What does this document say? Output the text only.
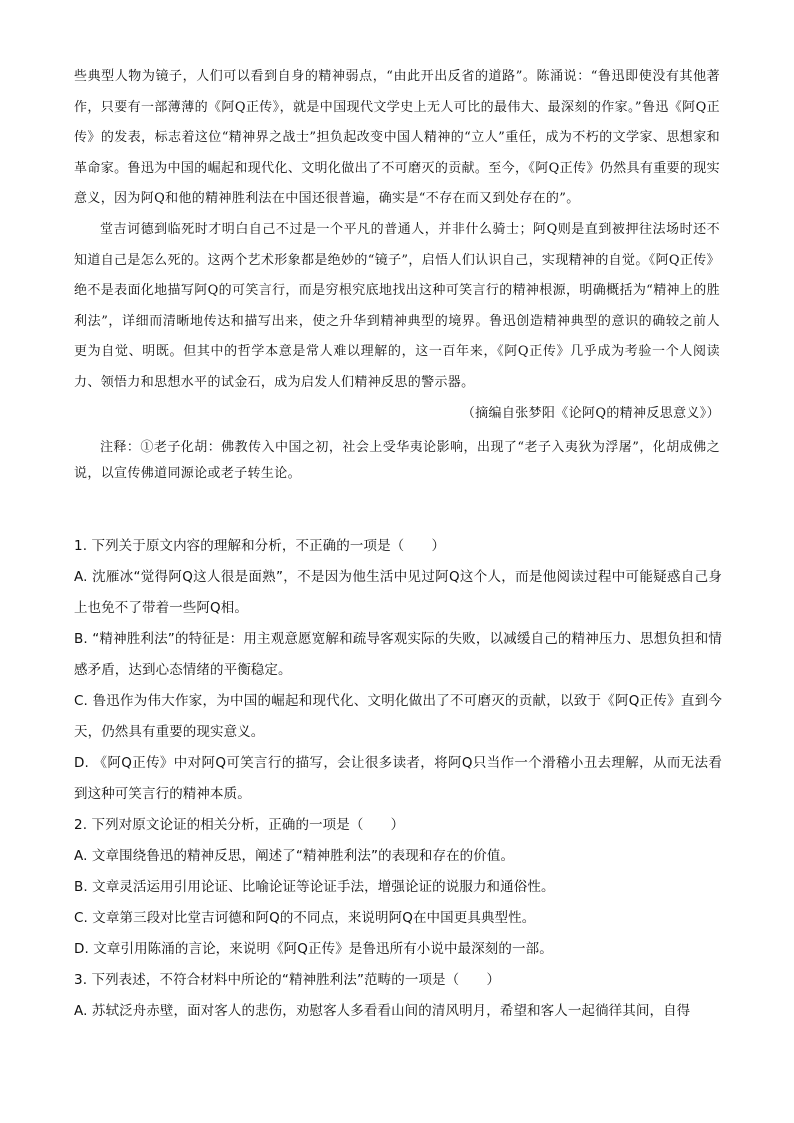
些典型人物为镜子，人们可以看到自身的精神弱点，“由此开出反省的道路”。陈涌说：“鲁迅即使没有其他著作，只要有一部薄薄的《阿Q正传》，就是中国现代文学史上无人可比的最伟大、最深刻的作家。”鲁迅《阿Q正传》的发表，标志着这位“精神界之战士”担负起改变中国人精神的“立人”重任，成为不朽的文学家、思想家和革命家。鲁迅为中国的崛起和现代化、文明化做出了不可磨灭的贡献。至今，《阿Q正传》仍然具有重要的现实意义，因为阿Q和他的精神胜利法在中国还很普遍，确实是“不存在而又到处存在的”。

堂吉诃德到临死时才明白自己不过是一个平凡的普通人，并非什么骑士；阿Q则是直到被押往法场时还不知道自己是怎么死的。这两个艺术形象都是绝妙的“镜子”，启悟人们认识自己，实现精神的自觉。《阿Q正传》绝不是表面化地描写阿Q的可笑言行，而是穷根究底地找出这种可笑言行的精神根源，明确概括为“精神上的胜利法”，详细而清晰地传达和描写出来，使之升华到精神典型的境界。鲁迅创造精神典型的意识的确较之前人更为自觉、明既。但其中的哲学本意是常人难以理解的，这一百年来，《阿Q正传》几乎成为考验一个人阅读力、领悟力和思想水平的试金石，成为启发人们精神反思的警示器。

（摘编自张梦阳《论阿Q的精神反思意义》）

注释：①老子化胡：佛教传入中国之初，社会上受华夷论影响，出现了“老子入夷狄为浮屠”，化胡成佛之说，以宣传佛道同源论或老子转生论。

1. 下列关于原文内容的理解和分析，不正确的一项是（　　）

A. 沈雁冰“觉得阿Q这人很是面熟”，不是因为他生活中见过阿Q这个人，而是他阅读过程中可能疑惑自己身上也免不了带着一些阿Q相。

B. “精神胜利法”的特征是：用主观意愿宽解和疏导客观实际的失败，以减缓自己的精神压力、思想负担和情感矛盾，达到心态情绪的平衡稳定。

C. 鲁迅作为伟大作家，为中国的崛起和现代化、文明化做出了不可磨灭的贡献，以致于《阿Q正传》直到今天，仍然具有重要的现实意义。

D. 《阿Q正传》中对阿Q可笑言行的描写，会让很多读者，将阿Q只当作一个滑稽小丑去理解，从而无法看到这种可笑言行的精神本质。

2. 下列对原文论证的相关分析，正确的一项是（　　）

A. 文章围绕鲁迅的精神反思，阐述了“精神胜利法”的表现和存在的价值。

B. 文章灵活运用引用论证、比喻论证等论证手法，增强论证的说服力和通俗性。

C. 文章第三段对比堂吉诃德和阿Q的不同点，来说明阿Q在中国更具典型性。

D. 文章引用陈涌的言论，来说明《阿Q正传》是鲁迅所有小说中最深刻的一部。

3. 下列表述，不符合材料中所论的“精神胜利法”范畴的一项是（　　）

A. 苏轼泛舟赤壁，面对客人的悲伤，劝慰客人多看看山间的清风明月，希望和客人一起徜徉其间，自得
